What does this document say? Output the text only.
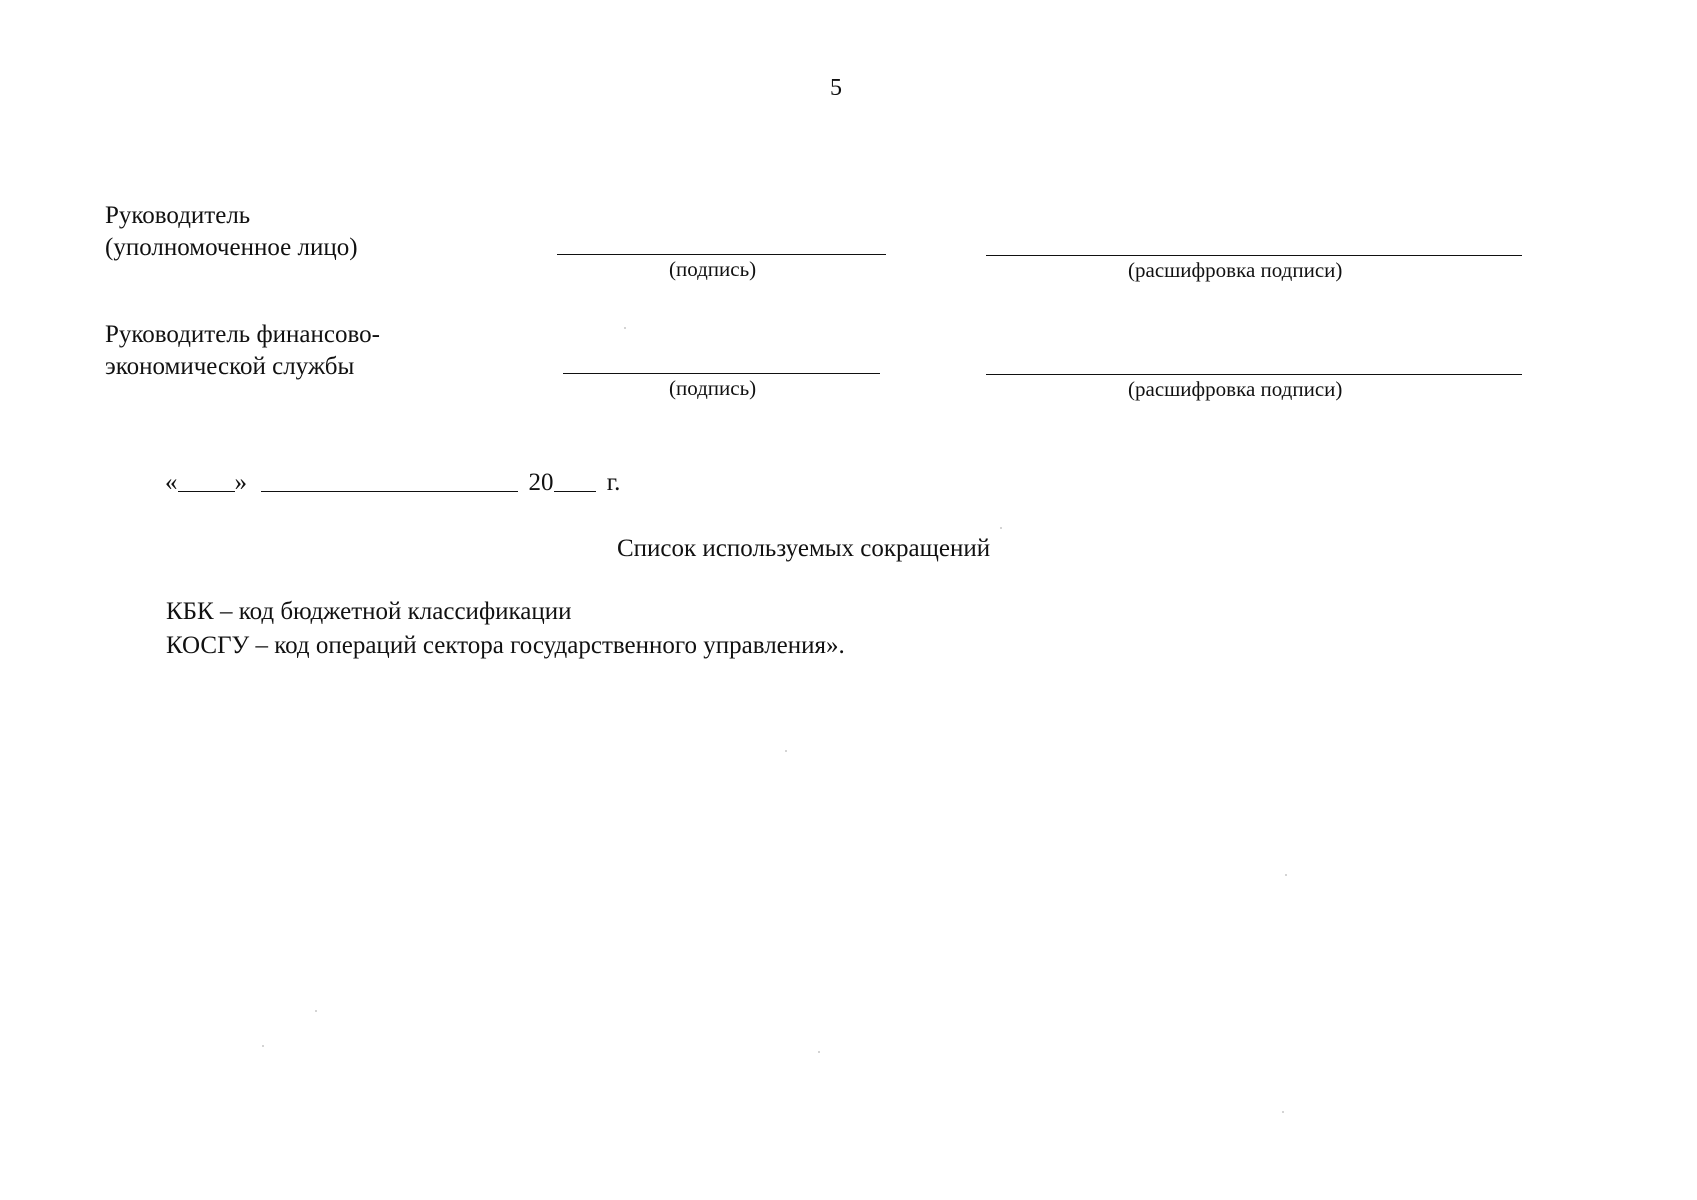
5
Руководитель
(уполномоченное лицо)
(подпись)	(расшифровка подписи)
Руководитель финансово-
экономической службы
(подпись)	(расшифровка подписи)
« »	20 г.
Список используемых сокращений
КБК – код бюджетной классификации
КОСГУ – код операций сектора государственного управления».
